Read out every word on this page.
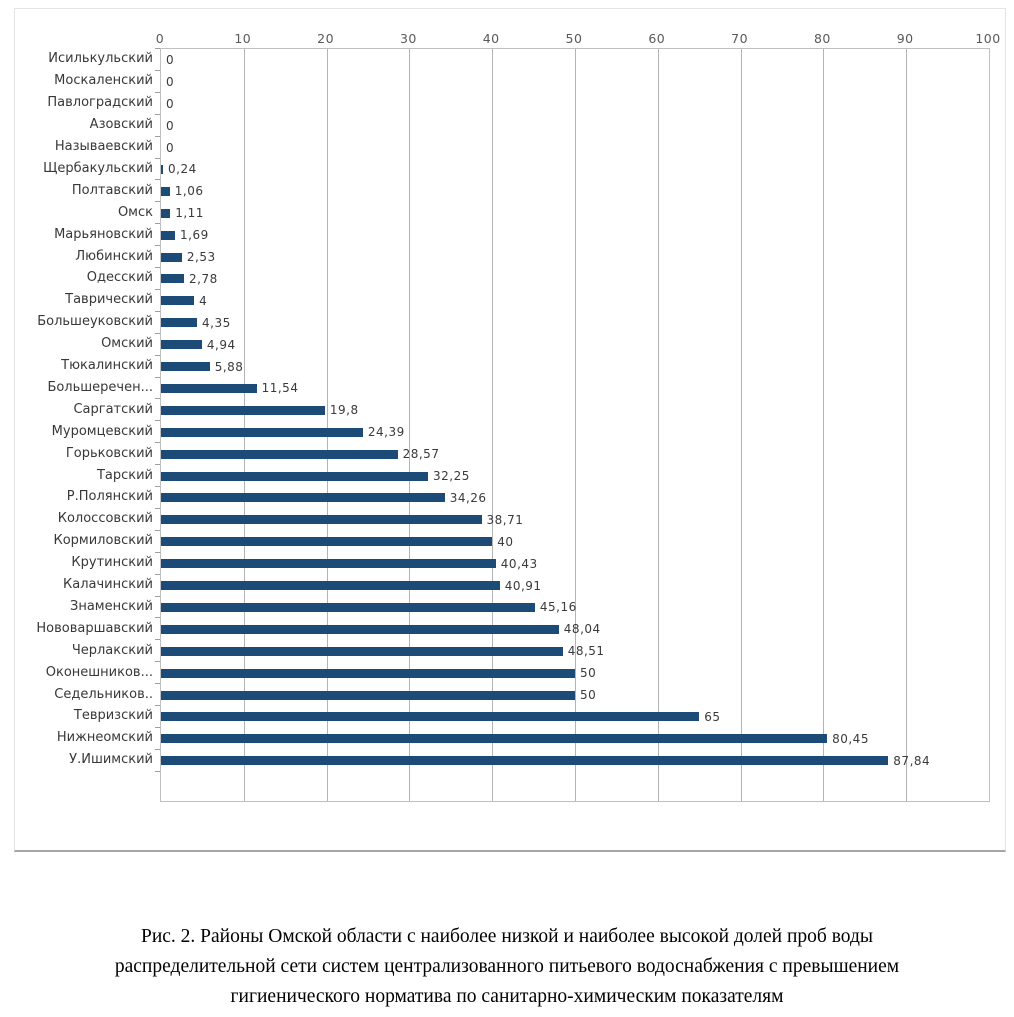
0	10	20	30	40	50	60	70	80	90	100
0
0
0
0
0
0,24
1,06
1,11
1,69
2,53
2,78
4
4,35
4,94
5,88
11,54
19,8
24,39
28,57
32,25
34,26
38,71
40
40,43
40,91
45,16
48,04
48,51
50
50
65
80,45
87,84
Исилькульский
Москаленский
Павлоградский
Азовский
Называевский
Щербакульский
Полтавский
Омск
Марьяновский
Любинский
Одесский
Таврический
Большеуковский
Омский
Тюкалинский
Большеречен...
Саргатский
Муромцевский
Горьковский
Тарский
Р.Полянский
Колоссовский
Кормиловский
Крутинский
Калачинский
Знаменский
Нововаршавский
Черлакский
Оконешников...
Седельников..
Тевризский
Нижнеомский
У.Ишимский
Рис. 2. Районы Омской области с наиболее низкой и наиболее высокой долей проб воды
распределительной сети систем централизованного питьевого водоснабжения с превышением
гигиенического норматива по санитарно-химическим показателям
